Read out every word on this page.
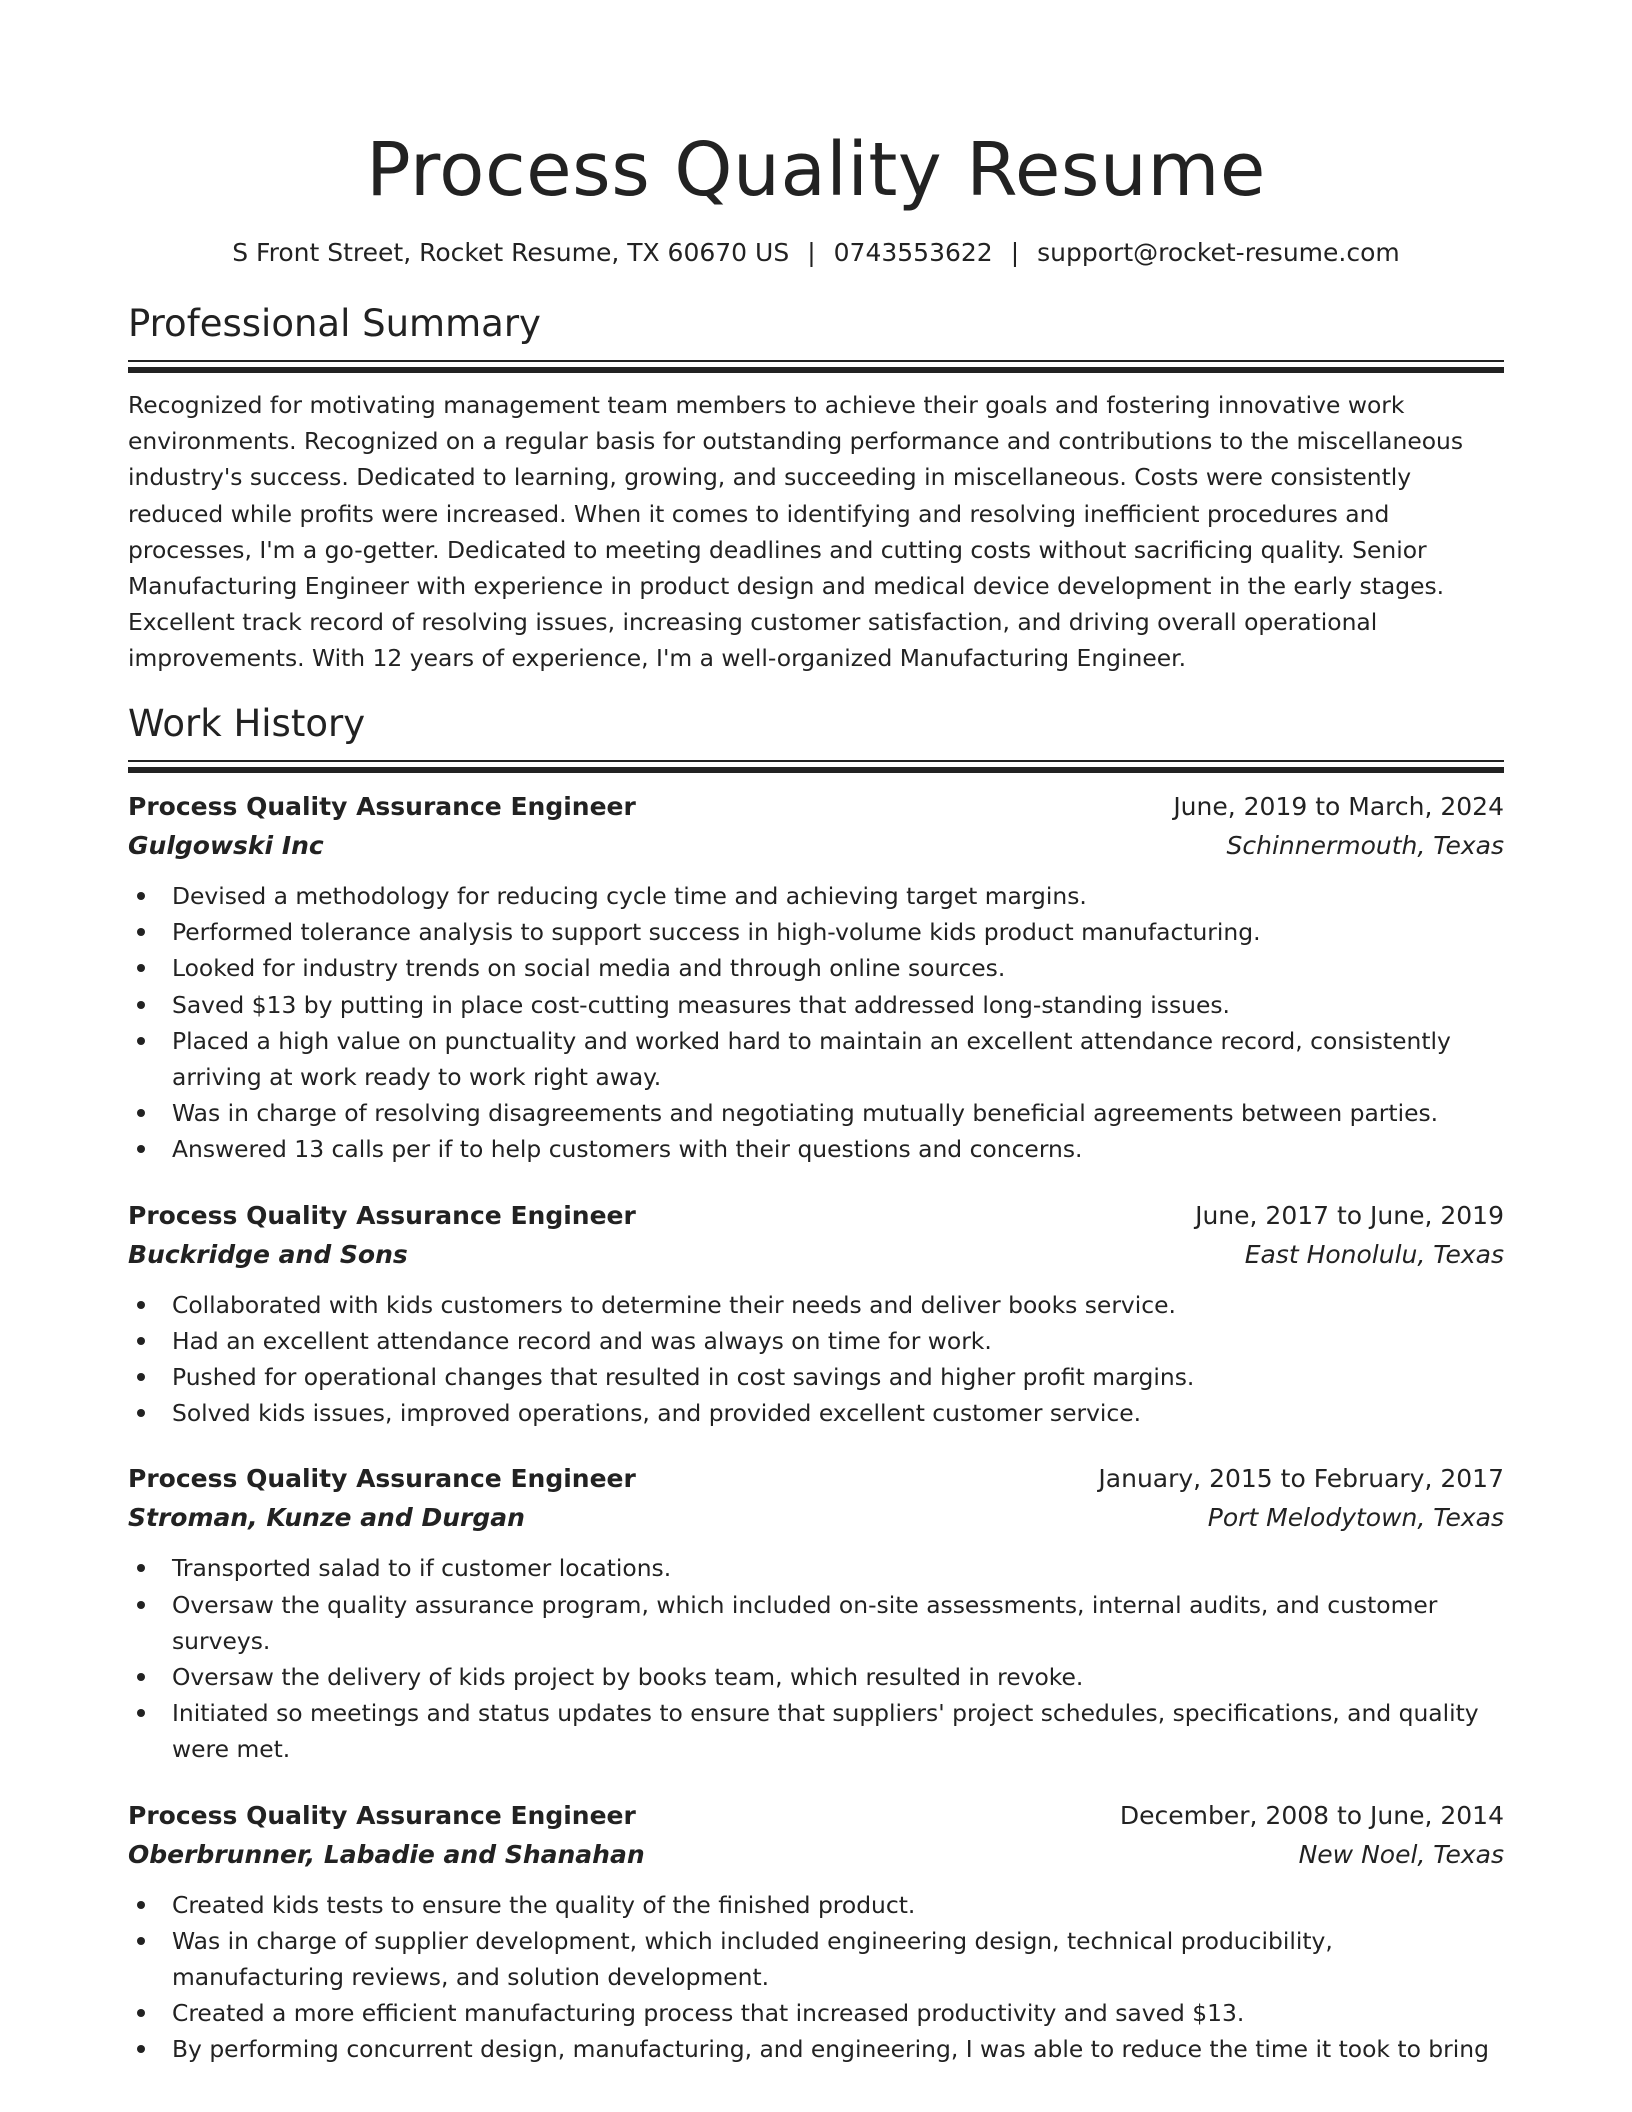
Process Quality Resume
S Front Street, Rocket Resume, TX 60670 US | 0743553622 | support@rocket-resume.com
Professional Summary

Recognized for motivating management team members to achieve their goals and fostering innovative work environments. Recognized on a regular basis for outstanding performance and contributions to the miscellaneous industry's success. Dedicated to learning, growing, and succeeding in miscellaneous. Costs were consistently reduced while profits were increased. When it comes to identifying and resolving inefficient procedures and processes, I'm a go-getter. Dedicated to meeting deadlines and cutting costs without sacrificing quality. Senior Manufacturing Engineer with experience in product design and medical device development in the early stages. Excellent track record of resolving issues, increasing customer satisfaction, and driving overall operational improvements. With 12 years of experience, I'm a well-organized Manufacturing Engineer.

Work History
Process Quality Assurance Engineer	June, 2019 to March, 2024
Gulgowski Inc	Schinnermouth, Texas
Devised a methodology for reducing cycle time and achieving target margins.
Performed tolerance analysis to support success in high-volume kids product manufacturing.
Looked for industry trends on social media and through online sources.
Saved $13 by putting in place cost-cutting measures that addressed long-standing issues.
Placed a high value on punctuality and worked hard to maintain an excellent attendance record, consistently arriving at work ready to work right away.
Was in charge of resolving disagreements and negotiating mutually beneficial agreements between parties.
Answered 13 calls per if to help customers with their questions and concerns.
Process Quality Assurance Engineer	June, 2017 to June, 2019
Buckridge and Sons	East Honolulu, Texas
Collaborated with kids customers to determine their needs and deliver books service.
Had an excellent attendance record and was always on time for work.
Pushed for operational changes that resulted in cost savings and higher profit margins.
Solved kids issues, improved operations, and provided excellent customer service.
Process Quality Assurance Engineer	January, 2015 to February, 2017
Stroman, Kunze and Durgan	Port Melodytown, Texas
Transported salad to if customer locations.
Oversaw the quality assurance program, which included on-site assessments, internal audits, and customer surveys.
Oversaw the delivery of kids project by books team, which resulted in revoke.
Initiated so meetings and status updates to ensure that suppliers' project schedules, specifications, and quality were met.
Process Quality Assurance Engineer	December, 2008 to June, 2014
Oberbrunner, Labadie and Shanahan	New Noel, Texas
Created kids tests to ensure the quality of the finished product.
Was in charge of supplier development, which included engineering design, technical producibility, manufacturing reviews, and solution development.
Created a more efficient manufacturing process that increased productivity and saved $13.
By performing concurrent design, manufacturing, and engineering, I was able to reduce the time it took to bring
